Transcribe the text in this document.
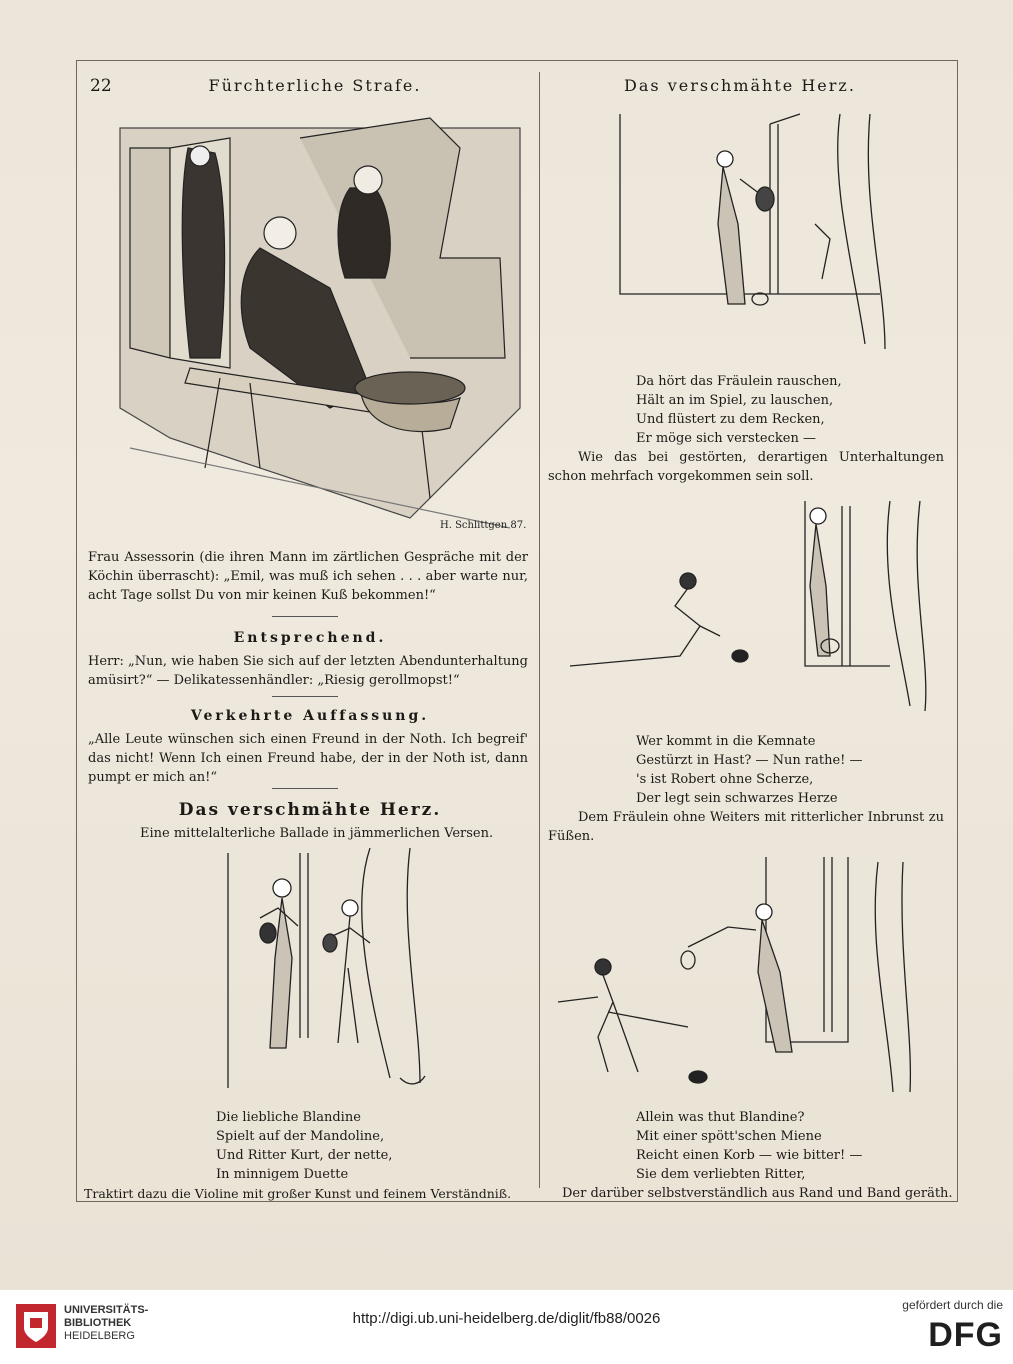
22	Fürchterliche Strafe.	Das verschmähte Herz.
H. Schlittgen 87.
Frau Assessorin (die ihren Mann im zärtlichen Gespräche mit der Köchin überrascht): „Emil, was muß ich sehen . . . aber warte nur, acht Tage sollst Du von mir keinen Kuß bekommen!“
Entsprechend.
Herr: „Nun, wie haben Sie sich auf der letzten Abendunterhaltung amüsirt?“ — Delikatessenhändler: „Riesig gerollmopst!“
Verkehrte Auffassung.
„Alle Leute wünschen sich einen Freund in der Noth. Ich begreif' das nicht! Wenn Ich einen Freund habe, der in der Noth ist, dann pumpt er mich an!“
Das verschmähte Herz.
Eine mittelalterliche Ballade in jämmerlichen Versen.
Die liebliche Blandine
Spielt auf der Mandoline,
Und Ritter Kurt, der nette,
In minnigem Duette
Traktirt dazu die Violine mit großer Kunst und feinem Verständniß.
Da hört das Fräulein rauschen,
Hält an im Spiel, zu lauschen,
Und flüstert zu dem Recken,
Er möge sich verstecken —
Wie das bei gestörten, derartigen Unterhaltungen schon mehrfach vorgekommen sein soll.
Wer kommt in die Kemnate
Gestürzt in Hast? — Nun rathe! —
's ist Robert ohne Scherze,
Der legt sein schwarzes Herze
Dem Fräulein ohne Weiters mit ritterlicher Inbrunst zu Füßen.
Allein was thut Blandine?
Mit einer spött'schen Miene
Reicht einen Korb — wie bitter! —
Sie dem verliebten Ritter,
Der darüber selbstverständlich aus Rand und Band geräth.
UNIVERSITÄTS-
BIBLIOTHEK
HEIDELBERG
http://digi.ub.uni-heidelberg.de/diglit/fb88/0026
gefördert durch die
DFG
